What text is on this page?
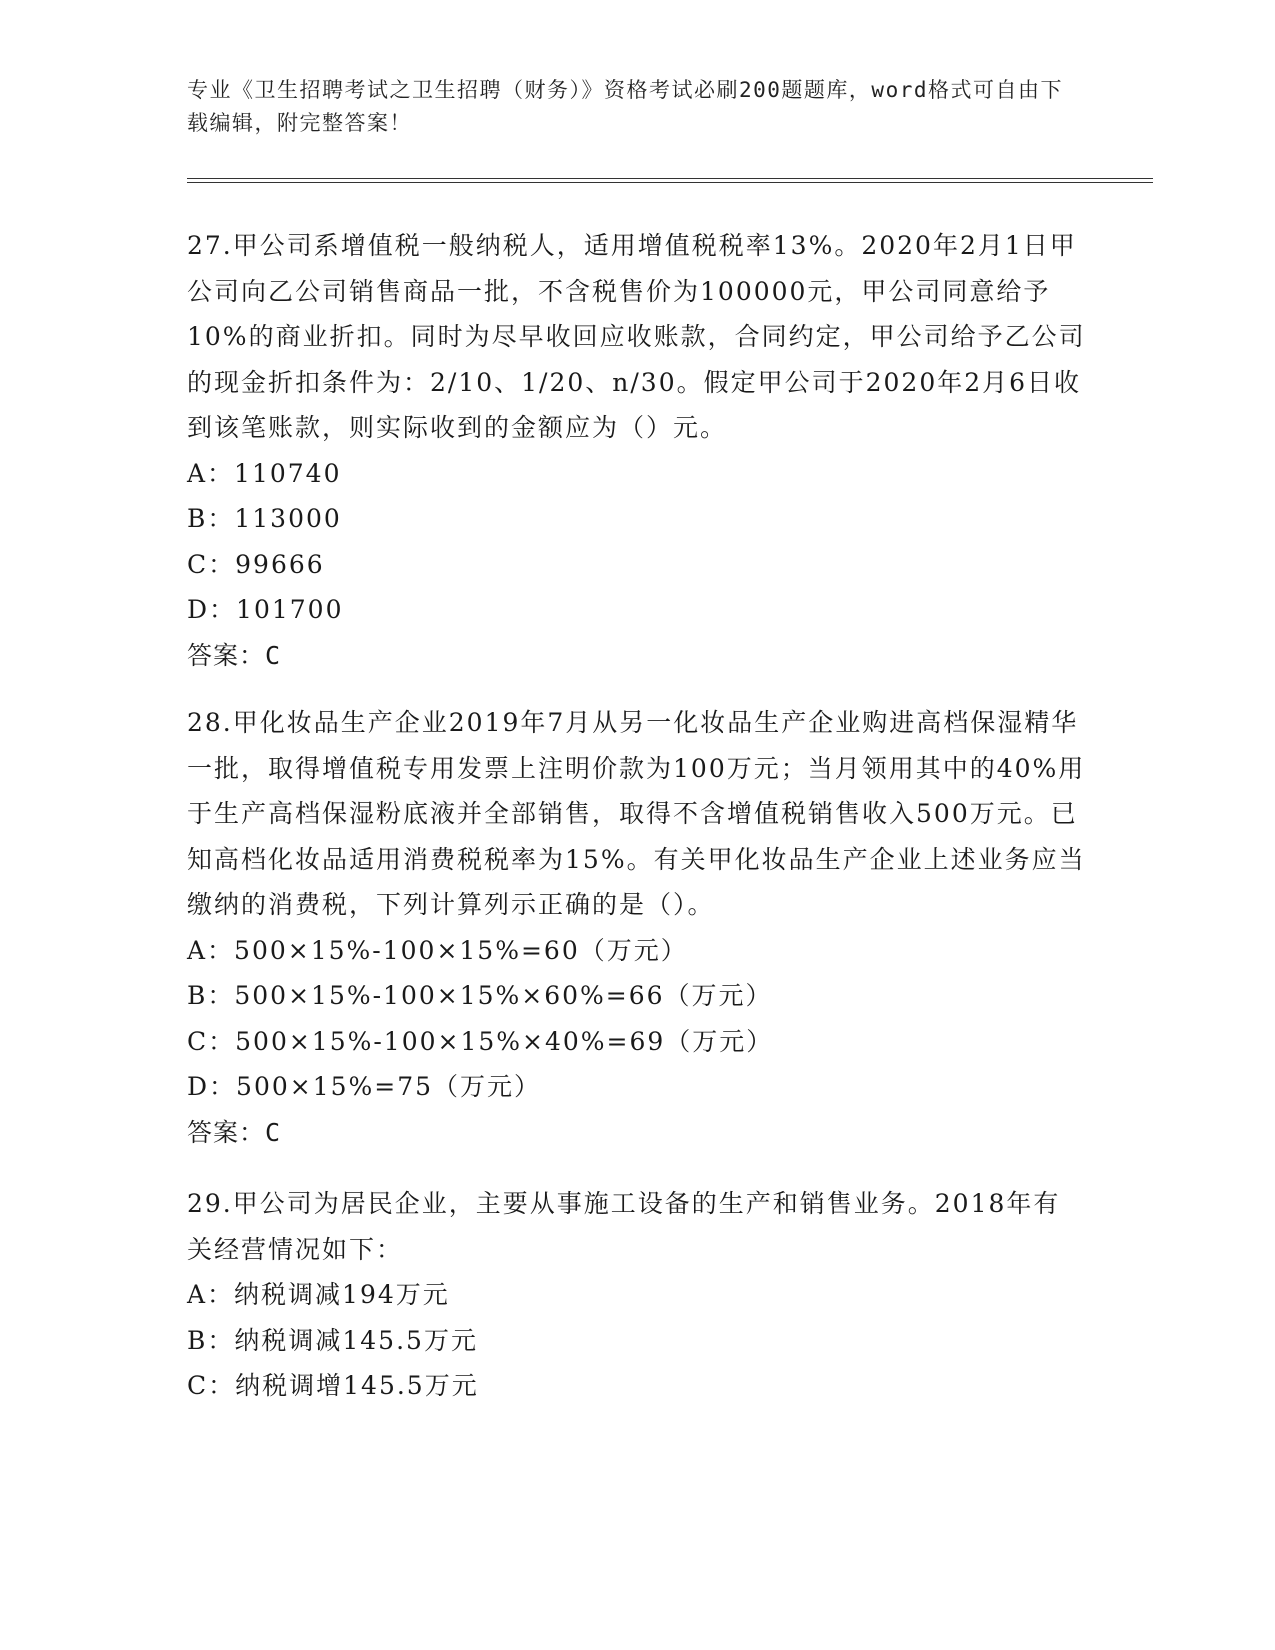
专业《卫生招聘考试之卫生招聘（财务）》资格考试必刷200题题库，word格式可自由下载编辑，附完整答案！

27.甲公司系增值税一般纳税人，适用增值税税率13%。2020年2月1日甲公司向乙公司销售商品一批，不含税售价为100000元，甲公司同意给予10%的商业折扣。同时为尽早收回应收账款，合同约定，甲公司给予乙公司的现金折扣条件为：2/10、1/20、n/30。假定甲公司于2020年2月6日收到该笔账款，则实际收到的金额应为（）元。

A：110740

B：113000

C：99666

D：101700

答案：C

28.甲化妆品生产企业2019年7月从另一化妆品生产企业购进高档保湿精华一批，取得增值税专用发票上注明价款为100万元；当月领用其中的40%用于生产高档保湿粉底液并全部销售，取得不含增值税销售收入500万元。已知高档化妆品适用消费税税率为15%。有关甲化妆品生产企业上述业务应当缴纳的消费税，下列计算列示正确的是（）。

A：500×15%-100×15%=60（万元）

B：500×15%-100×15%×60%=66（万元）

C：500×15%-100×15%×40%=69（万元）

D：500×15%=75（万元）

答案：C

29.甲公司为居民企业，主要从事施工设备的生产和销售业务。2018年有关经营情况如下：

A：纳税调减194万元

B：纳税调减145.5万元

C：纳税调增145.5万元
